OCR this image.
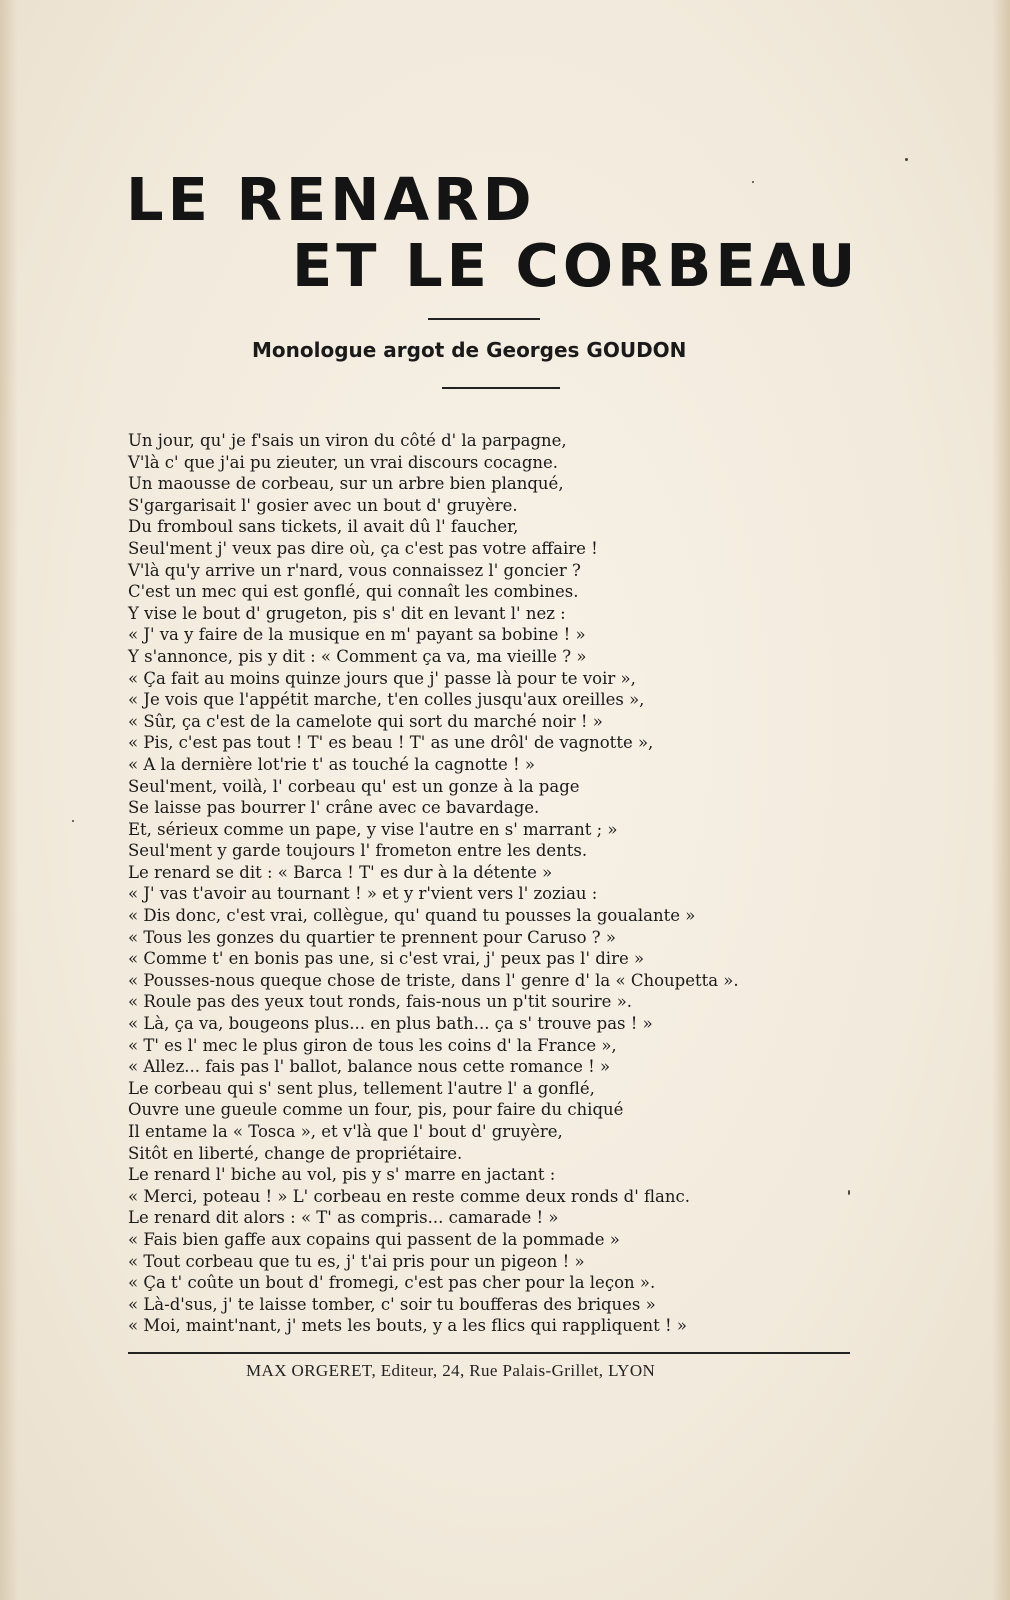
LE RENARD
ET LE CORBEAU
Monologue argot de Georges GOUDON
Un jour, qu' je f'sais un viron du côté d' la parpagne,
V'là c' que j'ai pu zieuter, un vrai discours cocagne.
Un maousse de corbeau, sur un arbre bien planqué,
S'gargarisait l' gosier avec un bout d' gruyère.
Du fromboul sans tickets, il avait dû l' faucher,
Seul'ment j' veux pas dire où, ça c'est pas votre affaire !
V'là qu'y arrive un r'nard, vous connaissez l' goncier ?
C'est un mec qui est gonflé, qui connaît les combines.
Y vise le bout d' grugeton, pis s' dit en levant l' nez :
« J' va y faire de la musique en m' payant sa bobine ! »
Y s'annonce, pis y dit : « Comment ça va, ma vieille ? »
« Ça fait au moins quinze jours que j' passe là pour te voir »,
« Je vois que l'appétit marche, t'en colles jusqu'aux oreilles »,
« Sûr, ça c'est de la camelote qui sort du marché noir ! »
« Pis, c'est pas tout ! T' es beau ! T' as une drôl' de vagnotte »,
« A la dernière lot'rie t' as touché la cagnotte ! »
Seul'ment, voilà, l' corbeau qu' est un gonze à la page
Se laisse pas bourrer l' crâne avec ce bavardage.
Et, sérieux comme un pape, y vise l'autre en s' marrant ; »
Seul'ment y garde toujours l' frometon entre les dents.
Le renard se dit : « Barca ! T' es dur à la détente »
« J' vas t'avoir au tournant ! » et y r'vient vers l' zoziau :
« Dis donc, c'est vrai, collègue, qu' quand tu pousses la goualante »
« Tous les gonzes du quartier te prennent pour Caruso ? »
« Comme t' en bonis pas une, si c'est vrai, j' peux pas l' dire »
« Pousses-nous queque chose de triste, dans l' genre d' la « Choupetta ».
« Roule pas des yeux tout ronds, fais-nous un p'tit sourire ».
« Là, ça va, bougeons plus... en plus bath... ça s' trouve pas ! »
« T' es l' mec le plus giron de tous les coins d' la France »,
« Allez... fais pas l' ballot, balance nous cette romance ! »
Le corbeau qui s' sent plus, tellement l'autre l' a gonflé,
Ouvre une gueule comme un four, pis, pour faire du chiqué
Il entame la « Tosca », et v'là que l' bout d' gruyère,
Sitôt en liberté, change de propriétaire.
Le renard l' biche au vol, pis y s' marre en jactant :
« Merci, poteau ! » L' corbeau en reste comme deux ronds d' flanc.
Le renard dit alors : « T' as compris... camarade ! »
« Fais bien gaffe aux copains qui passent de la pommade »
« Tout corbeau que tu es, j' t'ai pris pour un pigeon ! »
« Ça t' coûte un bout d' fromegi, c'est pas cher pour la leçon ».
« Là-d'sus, j' te laisse tomber, c' soir tu boufferas des briques »
« Moi, maint'nant, j' mets les bouts, y a les flics qui rappliquent ! »
MAX ORGERET, Editeur, 24, Rue Palais-Grillet, LYON
